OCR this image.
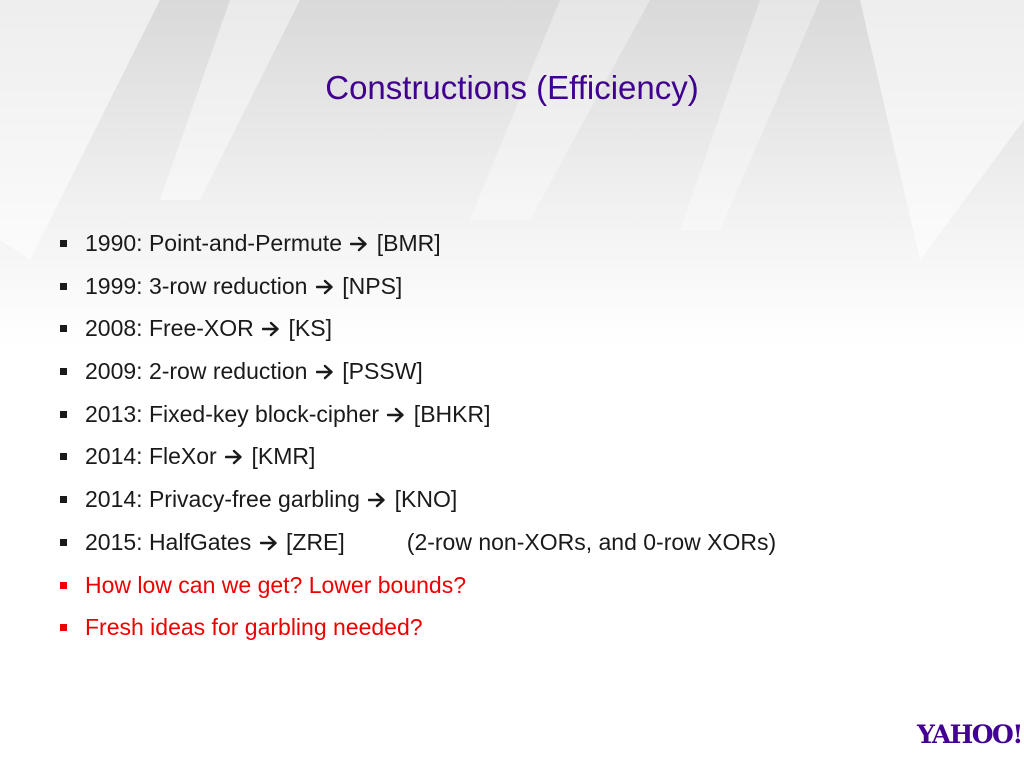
Constructions (Efficiency)
1990: Point-and-Permute  [BMR]
1999: 3-row reduction  [NPS]
2008: Free-XOR  [KS]
2009: 2-row reduction  [PSSW]
2013: Fixed-key block-cipher  [BHKR]
2014: FleXor  [KMR]
2014: Privacy-free garbling  [KNO]
2015: HalfGates  [ZRE]	(2-row non-XORs, and 0-row XORs)
How low can we get? Lower bounds?
Fresh ideas for garbling needed?
YAHOO!
